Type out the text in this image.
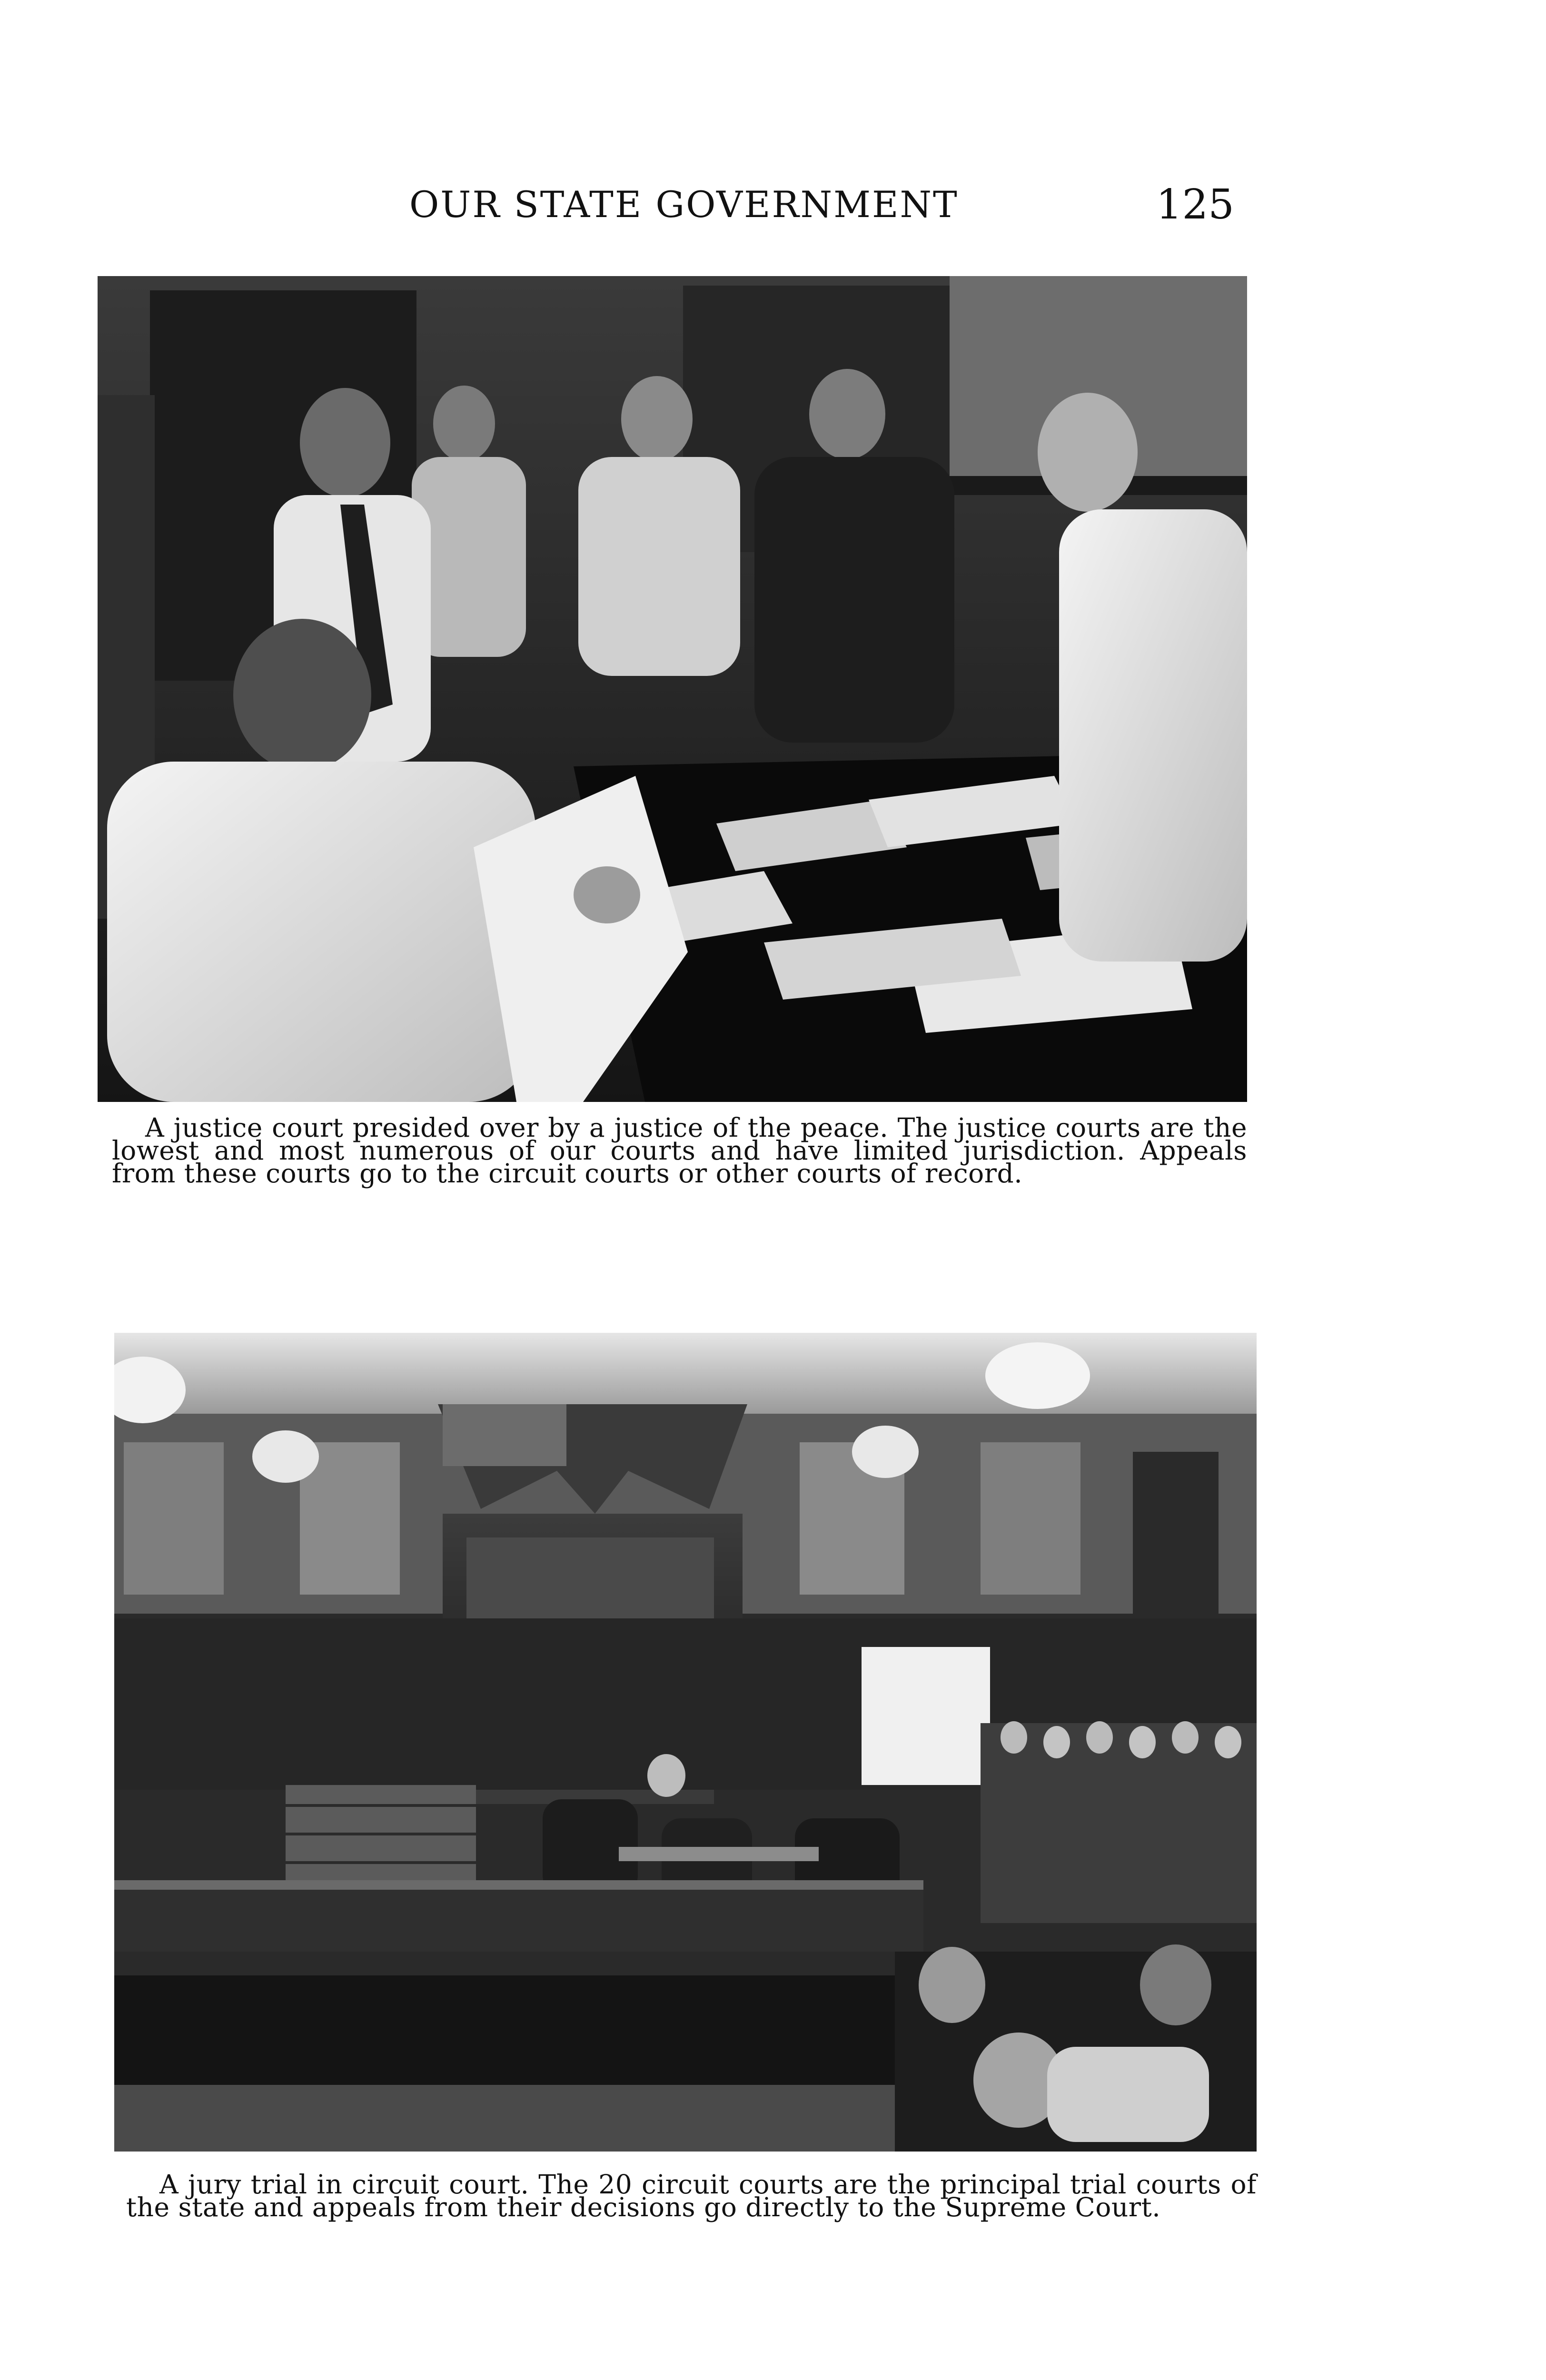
OUR STATE GOVERNMENT	125
A justice court presided over by a justice of the peace. The justice courts are the lowest and most numerous of our courts and have limited jurisdiction. Appeals from these courts go to the circuit courts or other courts of record.
A jury trial in circuit court. The 20 circuit courts are the principal trial courts of the state and appeals from their decisions go directly to the Supreme Court.
